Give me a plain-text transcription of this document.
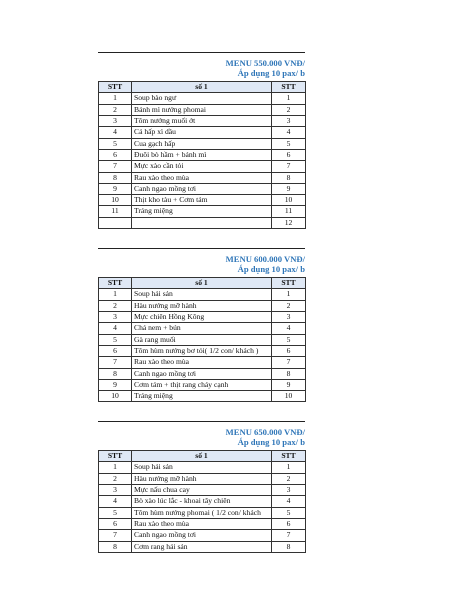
MENU 550.000 VNĐ/
Áp dụng 10 pax/ b
STT	số 1	STT
1	Soup bào ngư	1
2	Bánh mì nướng phomai	2
3	Tôm nướng muối ớt	3
4	Cá hấp xì dầu	4
5	Cua gạch hấp	5
6	Đuôi bò hầm + bánh mì	6
7	Mực xào cần tỏi	7
8	Rau xào theo mùa	8
9	Canh ngao mồng tơi	9
10	Thịt kho tàu + Cơm tám	10
11	Tráng miệng	11
		12
MENU 600.000 VNĐ/
Áp dụng 10 pax/ b
STT	số 1	STT
1	Soup hải sản	1
2	Hàu nướng mỡ hành	2
3	Mực chiên Hồng Kông	3
4	Chả nem + bún	4
5	Gà rang muối	5
6	Tôm hùm nướng bơ tỏi( 1/2 con/ khách )	6
7	Rau xào theo mùa	7
8	Canh ngao mồng tơi	8
9	Cơm tám + thịt rang cháy cạnh	9
10	Tráng miệng	10
MENU 650.000 VNĐ/
Áp dụng 10 pax/ b
STT	số 1	STT
1	Soup hải sản	1
2	Hàu nướng mỡ hành	2
3	Mực nấu chua cay	3
4	Bò xào lúc lắc - khoai tây chiên	4
5	Tôm hùm nướng phomai ( 1/2 con/ khách	5
6	Rau xào theo mùa	6
7	Canh ngao mồng tơi	7
8	Cơm rang hải sản	8
